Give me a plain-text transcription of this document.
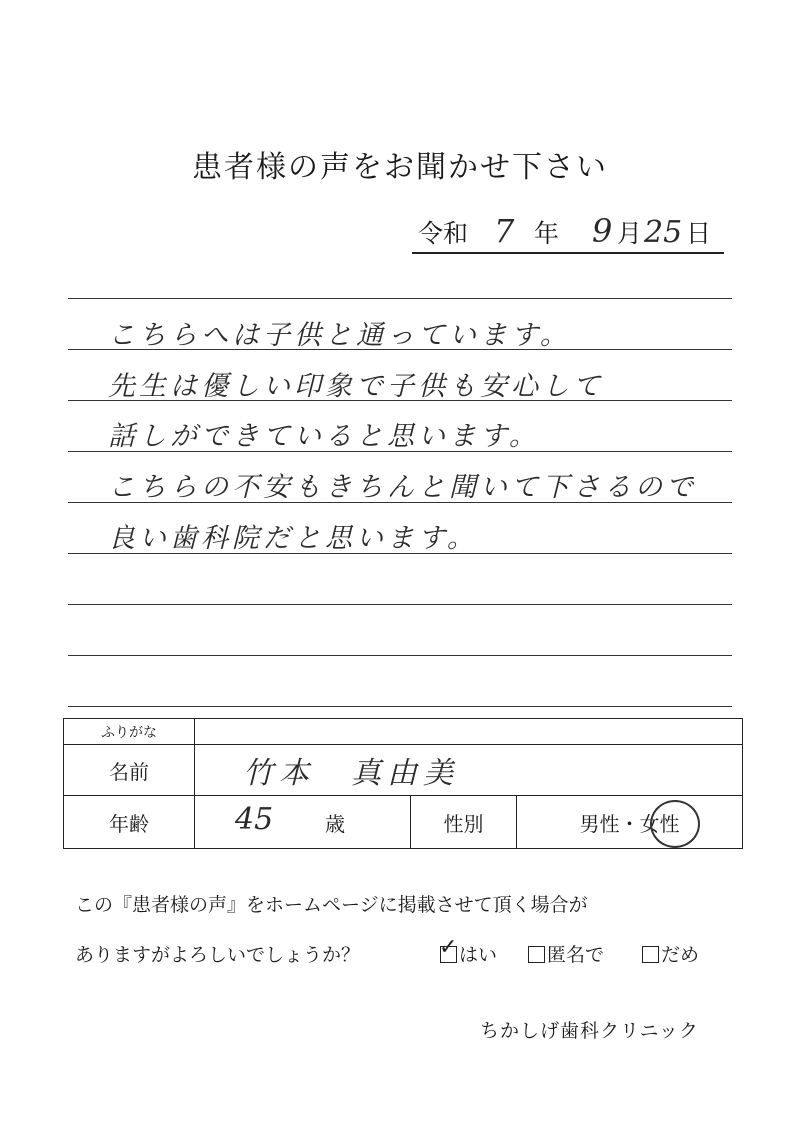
患者様の声をお聞かせ下さい
令和 7 年 9 月 25 日
こちらへは子供と通っています。
先生は優しい印象で子供も安心して
話しができていると思います。
こちらの不安もきちんと聞いて下さるので
良い歯科院だと思います。
ふりがな			
名前	竹本　真由美		
年齢	45 歳	性別	男性・女性
この『患者様の声』をホームページに掲載させて頂く場合が
ありますがよろしいでしょうか？	✓ はい	匿名で	だめ
ちかしげ歯科クリニック
